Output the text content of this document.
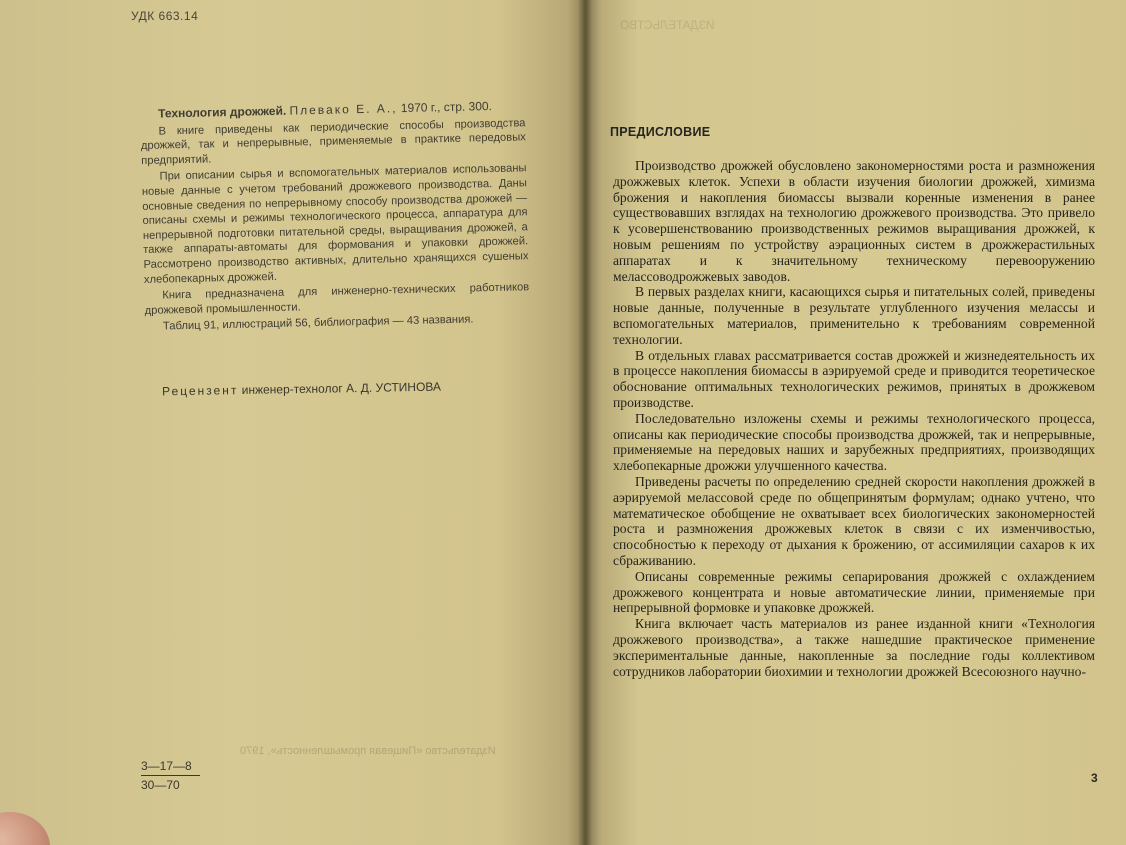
УДК 663.14
Технология дрожжей. Плевако Е. А., 1970 г., стр. 300.

В книге приведены как периодические способы производства дрожжей, так и непрерывные, применяемые в практике передовых предприятий.

При описании сырья и вспомогательных материалов использованы новые данные с учетом требований дрожжевого производства. Даны основные сведения по непрерывному способу производства дрожжей — описаны схемы и режимы технологического процесса, аппаратура для непрерывной подготовки питательной среды, выращивания дрожжей, а также аппараты-автоматы для формования и упаковки дрожжей. Рассмотрено производство активных, длительно хранящихся сушеных хлебопекарных дрожжей.

Книга предназначена для инженерно-технических работников дрожжевой промышленности.

Таблиц 91, иллюстраций 56, библиография — 43 названия.

Рецензент инженер-технолог А. Д. УСТИНОВА
3—17—8
30—70
Издательство «Пищевая промышленность», 1970
ИЗДАТЕЛЬСТВО
ПРЕДИСЛОВИЕ

Производство дрожжей обусловлено закономерностями роста и размножения дрожжевых клеток. Успехи в области изучения биологии дрожжей, химизма брожения и накопления биомассы вызвали коренные изменения в ранее существовавших взглядах на технологию дрожжевого производства. Это привело к усовершенствованию производственных режимов выращивания дрожжей, к новым решениям по устройству аэрационных систем в дрожжерастильных аппаратах и к значительному техническому перевооружению мелассоводрожжевых заводов.

В первых разделах книги, касающихся сырья и питательных солей, приведены новые данные, полученные в результате углубленного изучения мелассы и вспомогательных материалов, применительно к требованиям современной технологии.

В отдельных главах рассматривается состав дрожжей и жизнедеятельность их в процессе накопления биомассы в аэрируемой среде и приводится теоретическое обоснование оптимальных технологических режимов, принятых в дрожжевом производстве.

Последовательно изложены схемы и режимы технологического процесса, описаны как периодические способы производства дрожжей, так и непрерывные, применяемые на передовых наших и зарубежных предприятиях, производящих хлебопекарные дрожжи улучшенного качества.

Приведены расчеты по определению средней скорости накопления дрожжей в аэрируемой мелассовой среде по общепринятым формулам; однако учтено, что математическое обобщение не охватывает всех биологических закономерностей роста и размножения дрожжевых клеток в связи с их изменчивостью, способностью к переходу от дыхания к брожению, от ассимиляции сахаров к их сбраживанию.

Описаны современные режимы сепарирования дрожжей с охлаждением дрожжевого концентрата и новые автоматические линии, применяемые при непрерывной формовке и упаковке дрожжей.

Книга включает часть материалов из ранее изданной книги «Технология дрожжевого производства», а также нашедшие практическое применение экспериментальные данные, накопленные за последние годы коллективом сотрудников лаборатории биохимии и технологии дрожжей Всесоюзного научно-

3
